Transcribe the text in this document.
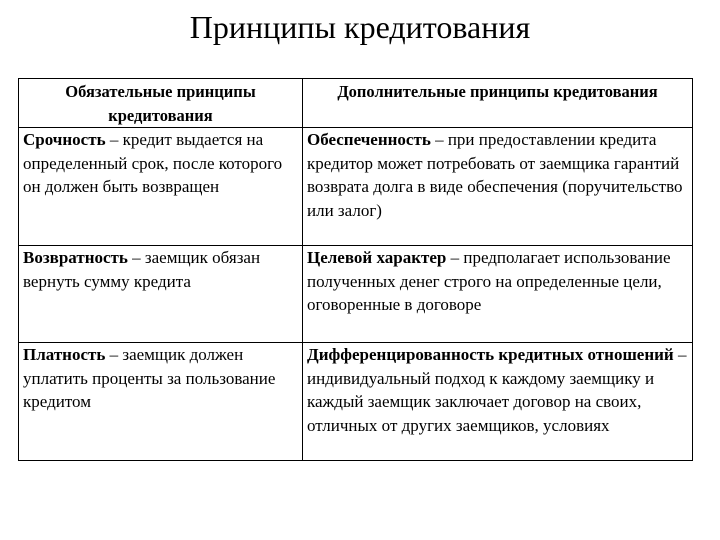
Принципы кредитования
Обязательные принципы кредитования	Дополнительные принципы кредитования
Срочность – кредит выдается на определенный срок, после которого он должен быть возвращен	Обеспеченность – при предоставлении кредита кредитор может потребовать от заемщика гарантий возврата долга в виде обеспечения (поручительство или залог)
Возвратность – заемщик обязан вернуть сумму кредита	Целевой характер – предполагает использование полученных денег строго на определенные цели, оговоренные в договоре
Платность – заемщик должен уплатить проценты за пользование кредитом	Дифференцированность кредитных отношений – индивидуальный подход к каждому заемщику и каждый заемщик заключает договор на своих, отличных от других заемщиков, условиях
